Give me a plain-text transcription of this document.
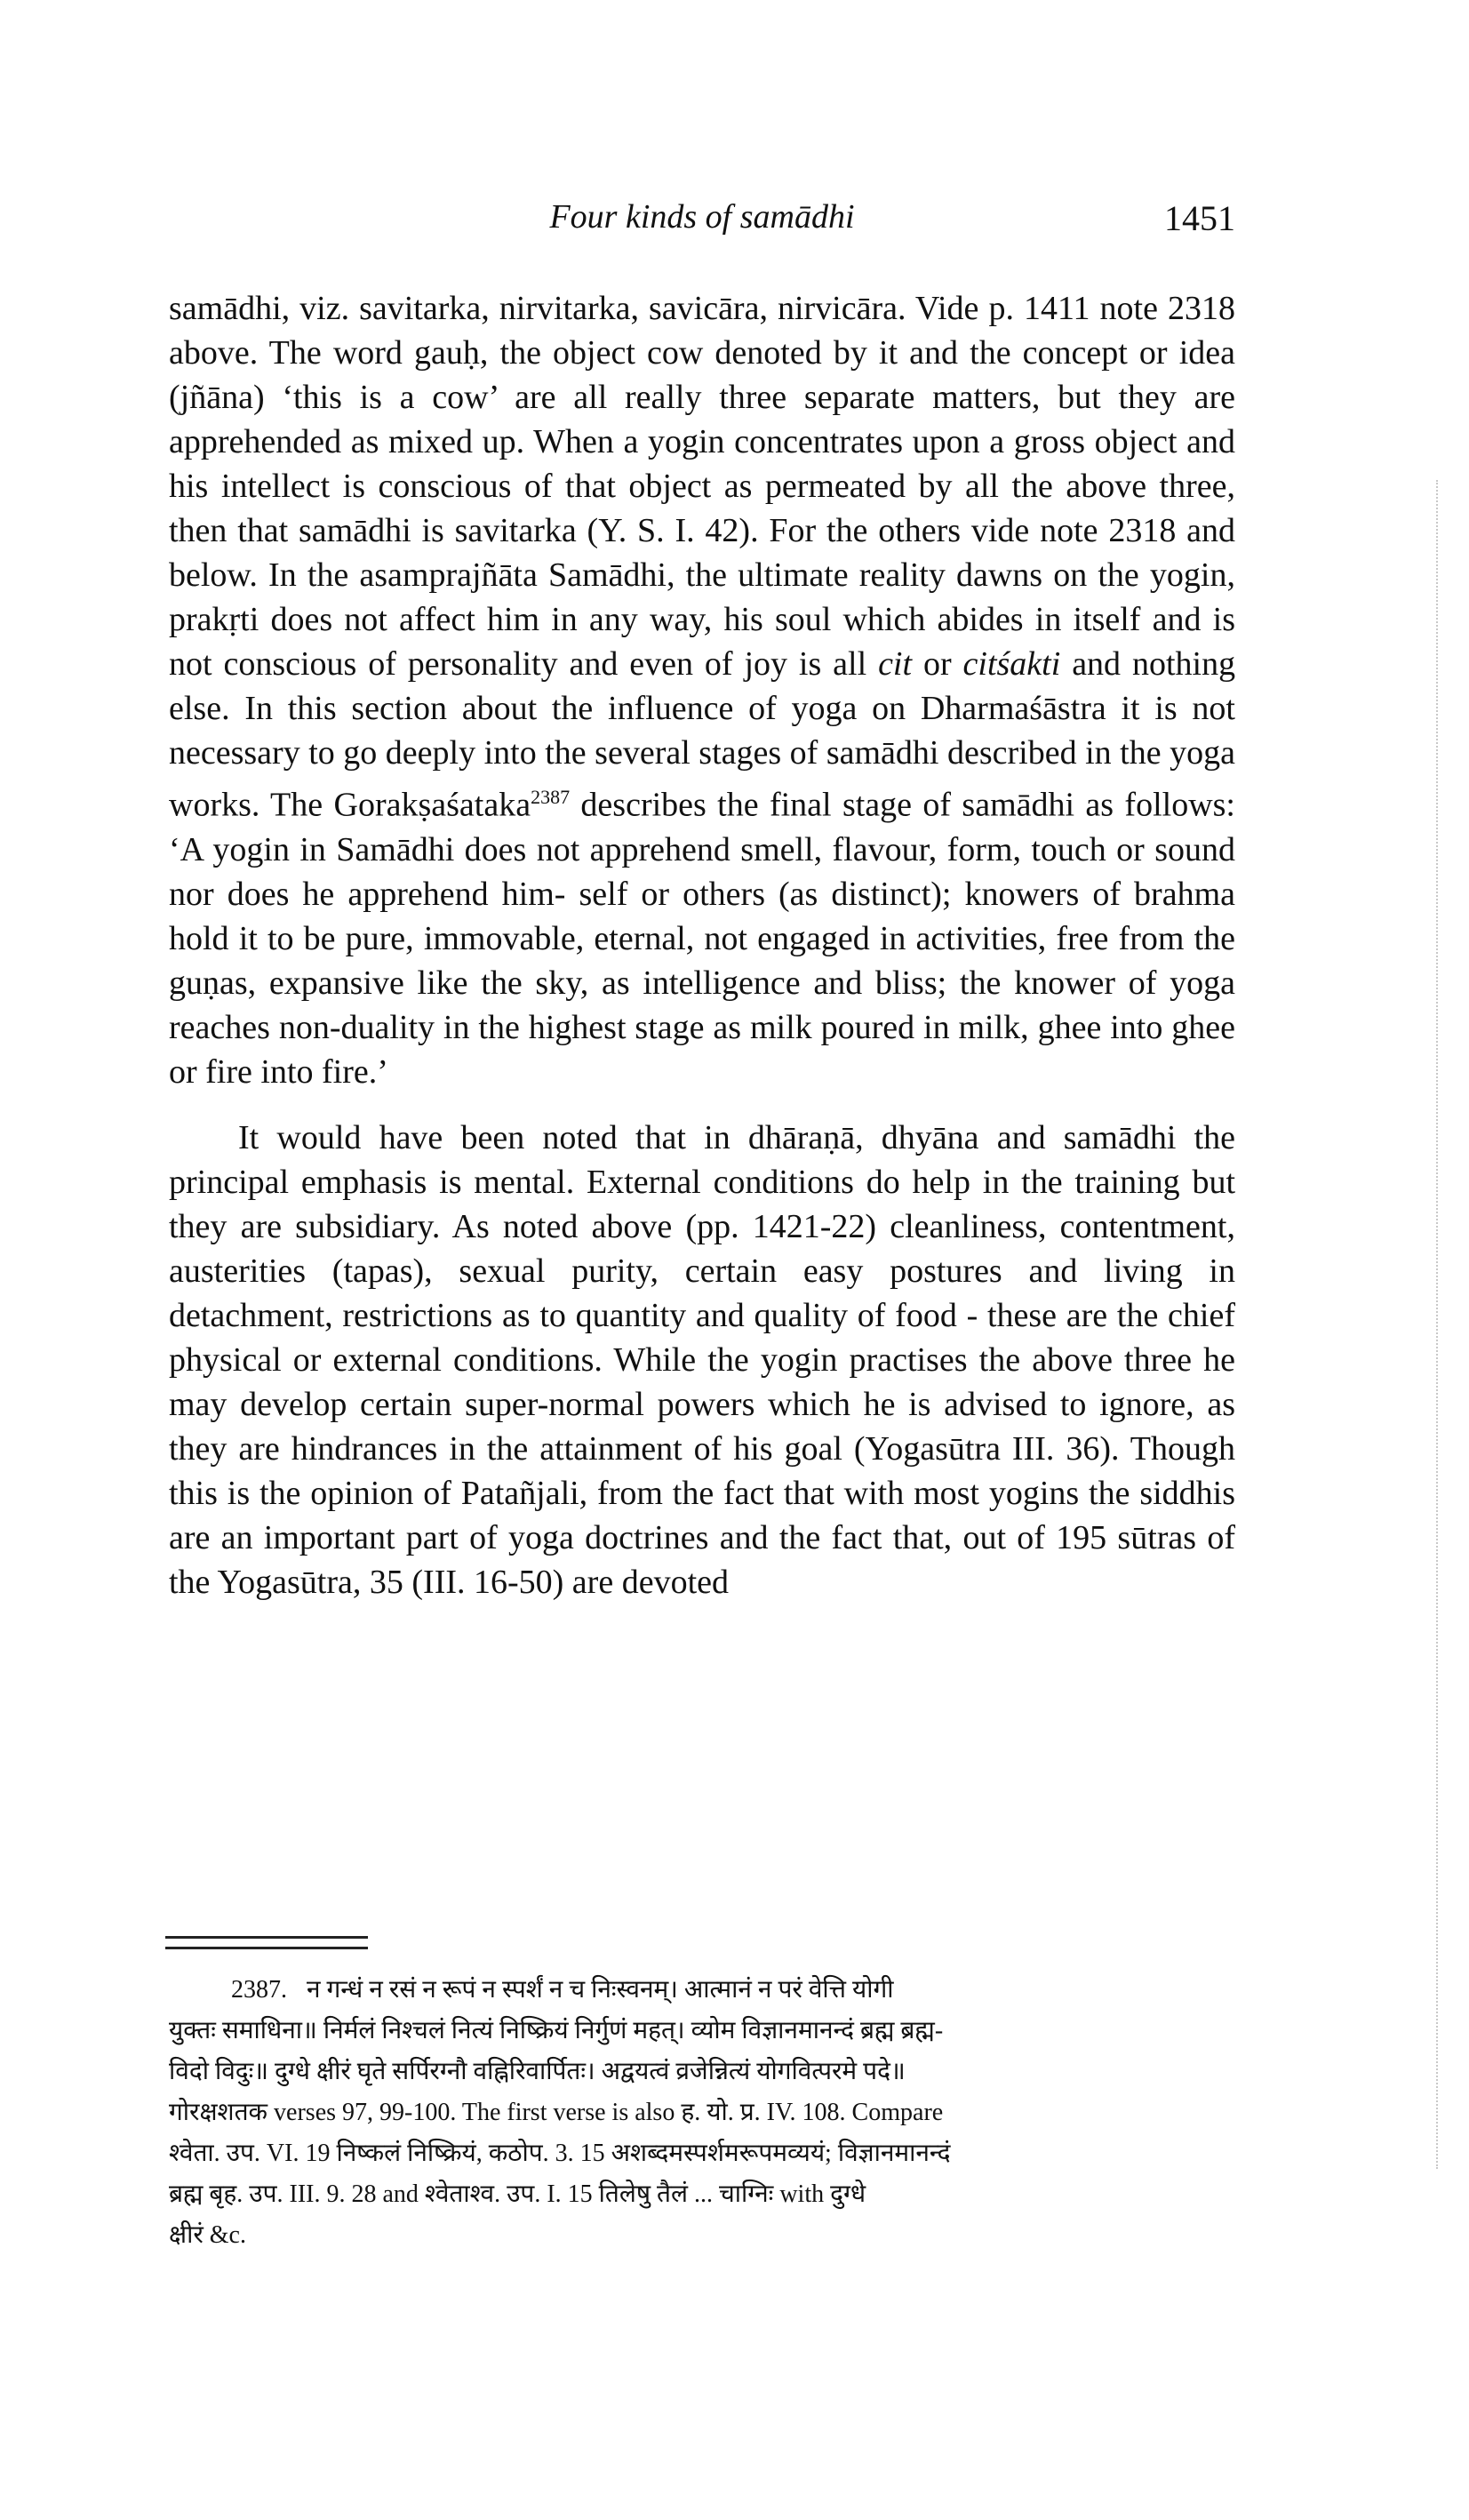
Four kinds of samādhi	1451

samādhi, viz. savitarka, nirvitarka, savicāra, nirvicāra. Vide p. 1411 note 2318 above. The word gauḥ, the object cow denoted by it and the concept or idea (jñāna) ‘this is a cow’ are all really three separate matters, but they are apprehended as mixed up. When a yogin concentrates upon a gross object and his intellect is conscious of that object as permeated by all the above three, then that samādhi is savitarka (Y. S. I. 42). For the others vide note 2318 and below. In the asamprajñāta Samādhi, the ultimate reality dawns on the yogin, prakṛti does not affect him in any way, his soul which abides in itself and is not conscious of personality and even of joy is all cit or citśakti and nothing else. In this section about the influence of yoga on Dharmaśāstra it is not necessary to go deeply into the several stages of samādhi described in the yoga works. The Gorakṣaśataka$^{2387}$ describes the final stage of samādhi as follows: ‘A yogin in Samādhi does not apprehend smell, flavour, form, touch or sound nor does he apprehend him- self or others (as distinct); knowers of brahma hold it to be pure, immovable, eternal, not engaged in activities, free from the guṇas, expansive like the sky, as intelligence and bliss; the knower of yoga reaches non-duality in the highest stage as milk poured in milk, ghee into ghee or fire into fire.’

It would have been noted that in dhāraṇā, dhyāna and samādhi the principal emphasis is mental. External conditions do help in the training but they are subsidiary. As noted above (pp. 1421-22) cleanliness, contentment, austerities (tapas), sexual purity, certain easy postures and living in detachment, restrictions as to quantity and quality of food - these are the chief physical or external conditions. While the yogin practises the above three he may develop certain super-normal powers which he is advised to ignore, as they are hindrances in the attainment of his goal (Yogasūtra III. 36). Though this is the opinion of Patañjali, from the fact that with most yogins the siddhis are an important part of yoga doctrines and the fact that, out of 195 sūtras of the Yogasūtra, 35 (III. 16-50) are devoted

2387. न गन्धं न रसं न रूपं न स्पर्शं न च निःस्वनम्। आत्मानं न परं वेत्ति योगी
युक्तः समाधिना॥ निर्मलं निश्चलं नित्यं निष्क्रियं निर्गुणं महत्। व्योम विज्ञानमानन्दं ब्रह्म ब्रह्म-
विदो विदुः॥ दुग्धे क्षीरं घृते सर्पिरग्नौ वह्निरिवार्पितः। अद्वयत्वं व्रजेन्नित्यं योगवित्परमे पदे॥
गोरक्षशतक verses 97, 99-100. The first verse is also ह. यो. प्र. IV. 108. Compare
श्वेता. उप. VI. 19 निष्कलं निष्क्रियं, कठोप. 3. 15 अशब्दमस्पर्शमरूपमव्ययं; विज्ञानमानन्दं
ब्रह्म बृह. उप. III. 9. 28 and श्वेताश्व. उप. I. 15 तिलेषु तैलं ... चाग्निः with दुग्धे
क्षीरं &c.
